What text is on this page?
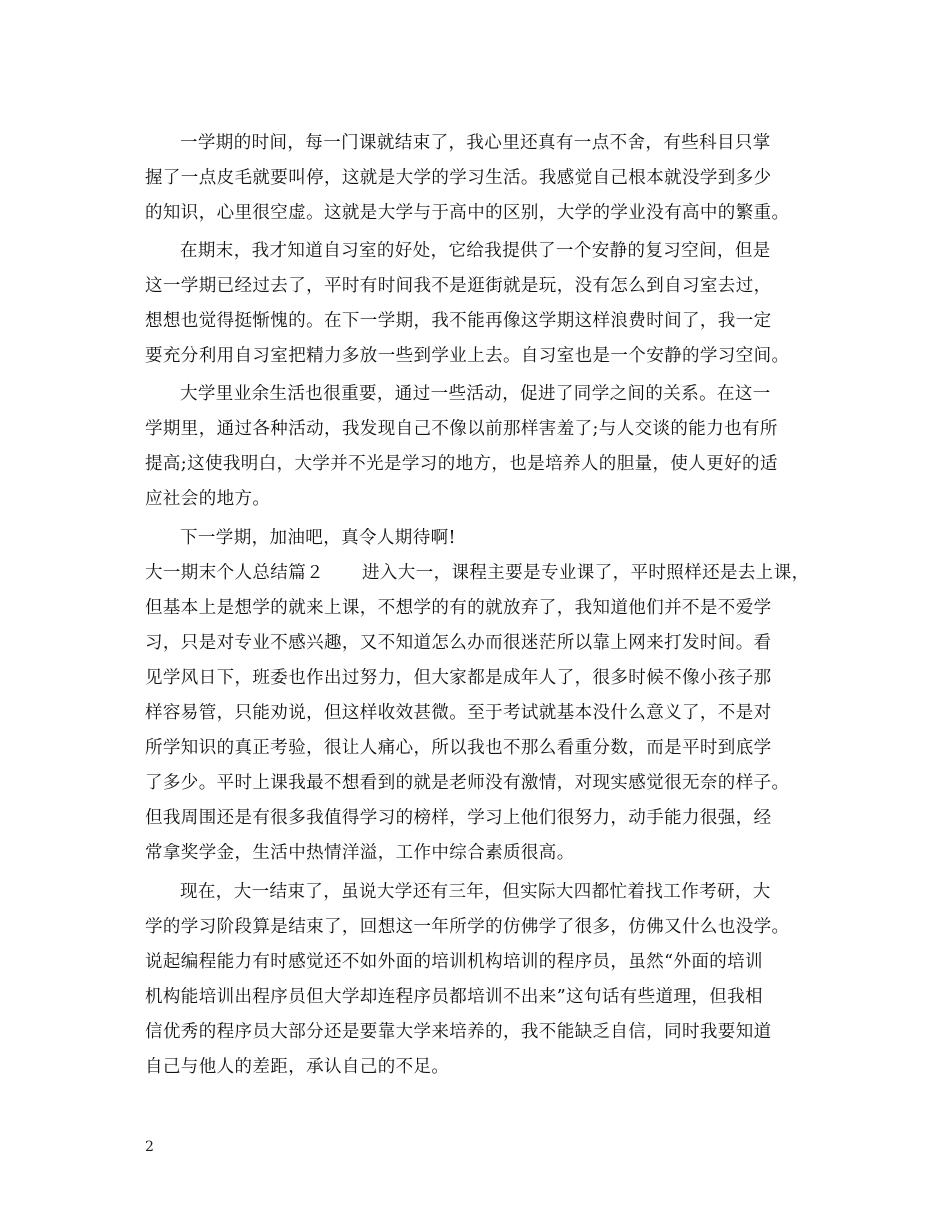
一学期的时间，每一门课就结束了，我心里还真有一点不舍，有些科目只掌
握了一点皮毛就要叫停，这就是大学的学习生活。我感觉自己根本就没学到多少
的知识，心里很空虚。这就是大学与于高中的区别，大学的学业没有高中的繁重。
在期末，我才知道自习室的好处，它给我提供了一个安静的复习空间，但是
这一学期已经过去了，平时有时间我不是逛街就是玩，没有怎么到自习室去过，
想想也觉得挺惭愧的。在下一学期，我不能再像这学期这样浪费时间了，我一定
要充分利用自习室把精力多放一些到学业上去。自习室也是一个安静的学习空间。
大学里业余生活也很重要，通过一些活动，促进了同学之间的关系。在这一
学期里，通过各种活动，我发现自己不像以前那样害羞了;与人交谈的能力也有所
提高;这使我明白，大学并不光是学习的地方，也是培养人的胆量，使人更好的适
应社会的地方。
下一学期，加油吧，真令人期待啊!
大一期末个人总结篇２ 进入大一，课程主要是专业课了，平时照样还是去上课，
但基本上是想学的就来上课，不想学的有的就放弃了，我知道他们并不是不爱学
习，只是对专业不感兴趣，又不知道怎么办而很迷茫所以靠上网来打发时间。看
见学风日下，班委也作出过努力，但大家都是成年人了，很多时候不像小孩子那
样容易管，只能劝说，但这样收效甚微。至于考试就基本没什么意义了，不是对
所学知识的真正考验，很让人痛心，所以我也不那么看重分数，而是平时到底学
了多少。平时上课我最不想看到的就是老师没有激情，对现实感觉很无奈的样子。
但我周围还是有很多我值得学习的榜样，学习上他们很努力，动手能力很强，经
常拿奖学金，生活中热情洋溢，工作中综合素质很高。
现在，大一结束了，虽说大学还有三年，但实际大四都忙着找工作考研，大
学的学习阶段算是结束了，回想这一年所学的仿佛学了很多，仿佛又什么也没学。
说起编程能力有时感觉还不如外面的培训机构培训的程序员，虽然“外面的培训
机构能培训出程序员但大学却连程序员都培训不出来”这句话有些道理，但我相
信优秀的程序员大部分还是要靠大学来培养的，我不能缺乏自信，同时我要知道
自己与他人的差距，承认自己的不足。
2
